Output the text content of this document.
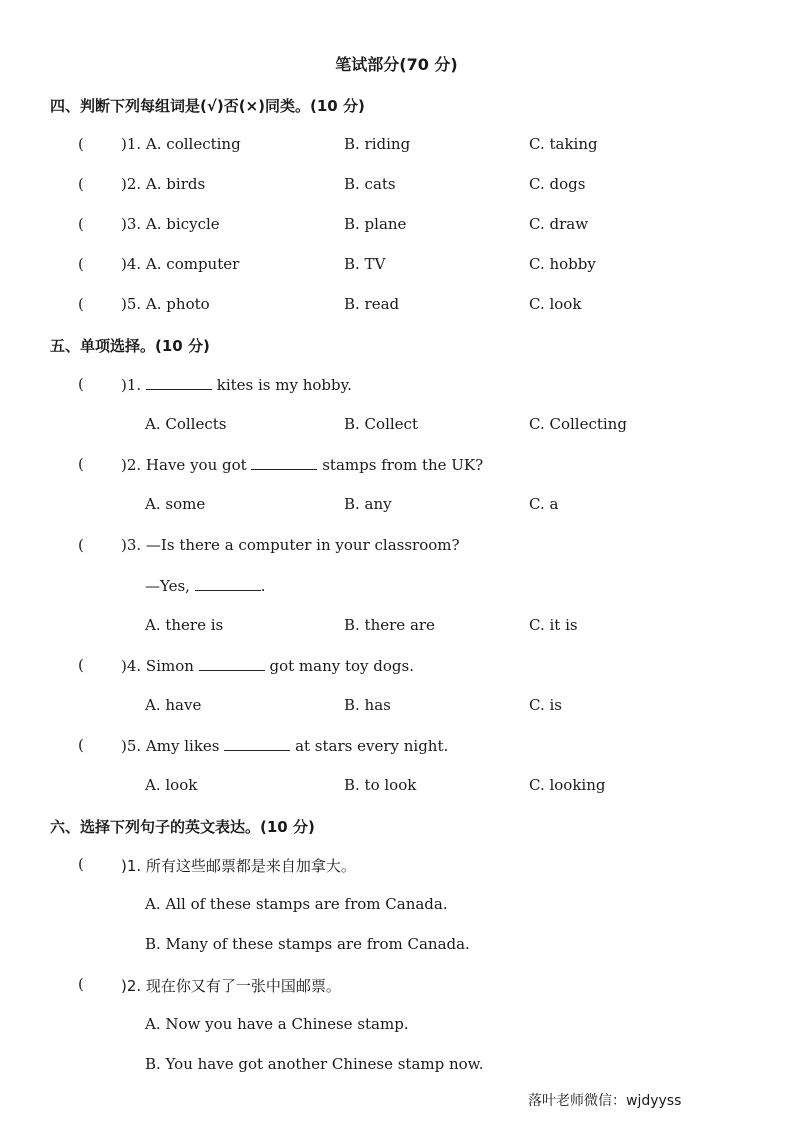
笔试部分(70 分)
四、判断下列每组词是(√)否(×)同类。(10 分)
( )1. A. collecting	B. riding	C. taking
( )2. A. birds	B. cats	C. dogs
( )3. A. bicycle	B. plane	C. draw
( )4. A. computer	B. TV	C. hobby
( )5. A. photo	B. read	C. look
五、单项选择。(10 分)
( )1.	kites is my hobby.
A. Collects	B. Collect	C. Collecting
( )2. Have you got	stamps from the UK?
A. some	B. any	C. a
( )3. —Is there a computer in your classroom?
—Yes,	.
A. there is	B. there are	C. it is
( )4. Simon	got many toy dogs.
A. have	B. has	C. is
( )5. Amy likes	at stars every night.
A. look	B. to look	C. looking
六、选择下列句子的英文表达。(10 分)
( )1. 所有这些邮票都是来自加拿大。
A. All of these stamps are from Canada.
B. Many of these stamps are from Canada.
( )2. 现在你又有了一张中国邮票。
A. Now you have a Chinese stamp.
B. You have got another Chinese stamp now.
落叶老师微信：wjdyyss
